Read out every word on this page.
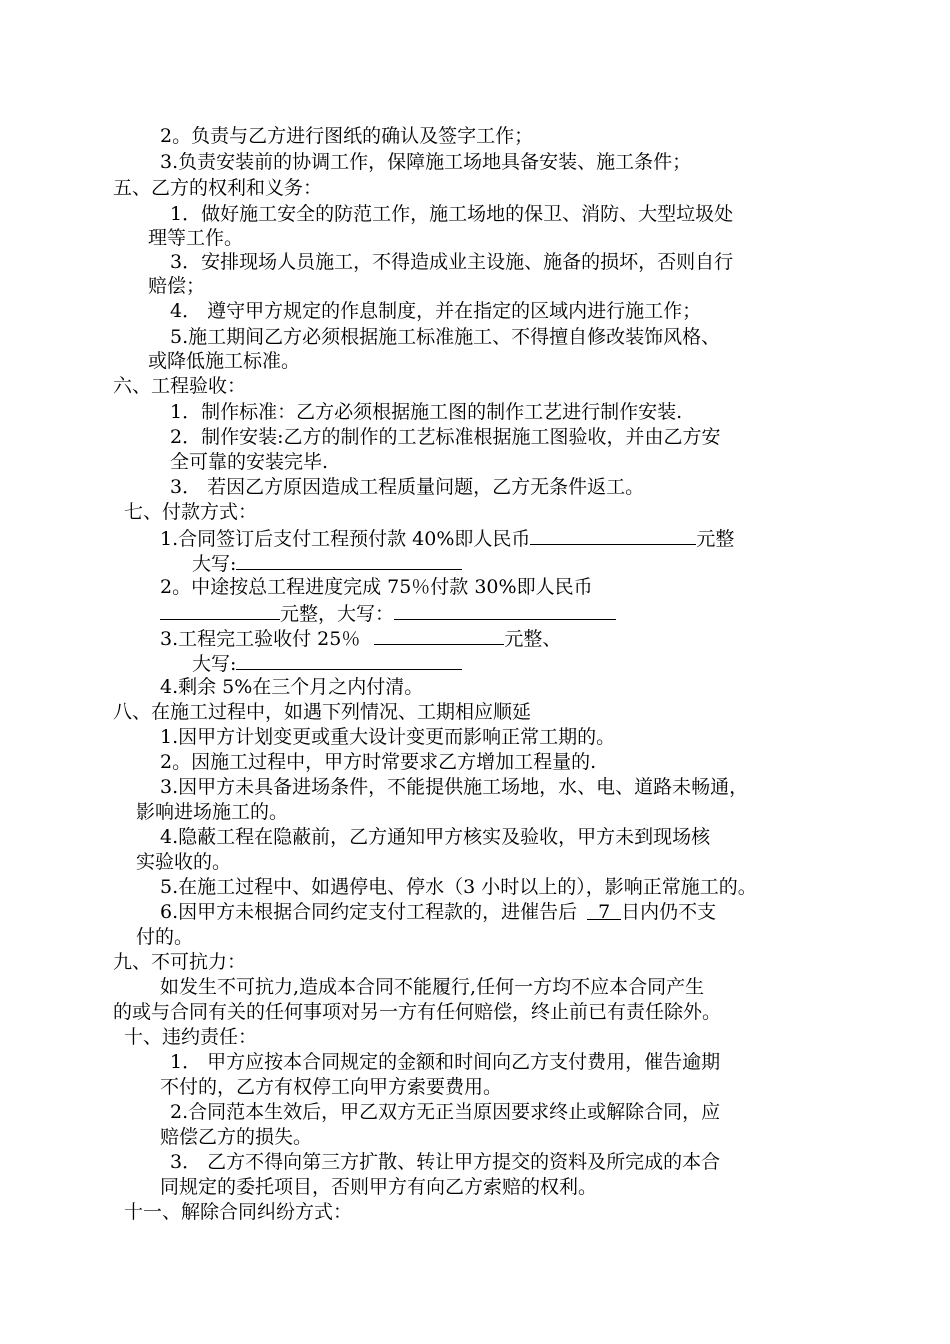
2。负责与乙方进行图纸的确认及签字工作；
3.负责安装前的协调工作，保障施工场地具备安装、施工条件；
五、乙方的权利和义务：
1．做好施工安全的防范工作，施工场地的保卫、消防、大型垃圾处
理等工作。
3．安排现场人员施工，不得造成业主设施、施备的损坏，否则自行
赔偿；
4． 遵守甲方规定的作息制度，并在指定的区域内进行施工作；
5.施工期间乙方必须根据施工标准施工、不得擅自修改装饰风格、
或降低施工标准。
六、工程验收：
1．制作标准：乙方必须根据施工图的制作工艺进行制作安装.
2．制作安装:乙方的制作的工艺标准根据施工图验收，并由乙方安
全可靠的安装完毕.
3． 若因乙方原因造成工程质量问题，乙方无条件返工。
七、付款方式：
1.合同签订后支付工程预付款 40%即人民币	元整
大写:
2。中途按总工程进度完成 75％付款 30%即人民币
元整，大写：
3.工程完工验收付 25％	元整、
大写:
4.剩余 5%在三个月之内付清。
八、在施工过程中，如遇下列情况、工期相应顺延
1.因甲方计划变更或重大设计变更而影响正常工期的。
2。因施工过程中，甲方时常要求乙方增加工程量的.
3.因甲方未具备进场条件，不能提供施工场地，水、电、道路未畅通，
影响进场施工的。
4.隐蔽工程在隐蔽前，乙方通知甲方核实及验收，甲方未到现场核
实验收的。
5.在施工过程中、如遇停电、停水（3 小时以上的），影响正常施工的。
6.因甲方未根据合同约定支付工程款的，进催告后 7 日内仍不支
付的。
九、不可抗力：
如发生不可抗力,造成本合同不能履行,任何一方均不应本合同产生
的或与合同有关的任何事项对另一方有任何赔偿，终止前已有责任除外。
十、违约责任：
1． 甲方应按本合同规定的金额和时间向乙方支付费用，催告逾期
不付的，乙方有权停工向甲方索要费用。
2.合同范本生效后，甲乙双方无正当原因要求终止或解除合同，应
赔偿乙方的损失。
3． 乙方不得向第三方扩散、转让甲方提交的资料及所完成的本合
同规定的委托项目，否则甲方有向乙方索赔的权利。
十一、解除合同纠纷方式：
